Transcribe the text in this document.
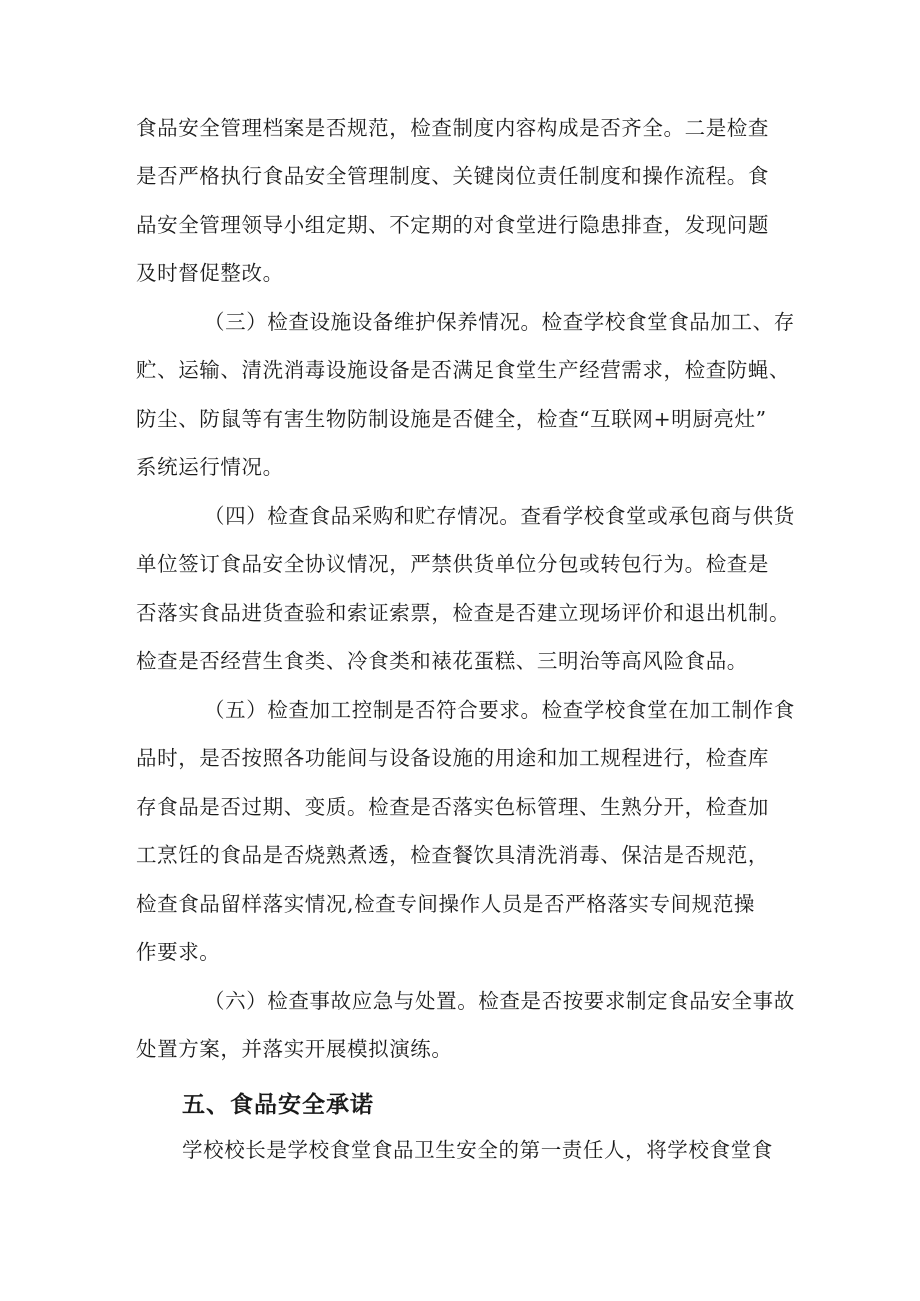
食品安全管理档案是否规范，检查制度内容构成是否齐全。二是检查
是否严格执行食品安全管理制度、关键岗位责任制度和操作流程。食
品安全管理领导小组定期、不定期的对食堂进行隐患排查，发现问题
及时督促整改。

（三）检查设施设备维护保养情况。检查学校食堂食品加工、存
贮、运输、清洗消毒设施设备是否满足食堂生产经营需求，检查防蝇、
防尘、防鼠等有害生物防制设施是否健全，检查“互联网+明厨亮灶”
系统运行情况。

（四）检查食品采购和贮存情况。查看学校食堂或承包商与供货
单位签订食品安全协议情况，严禁供货单位分包或转包行为。检查是
否落实食品进货查验和索证索票，检查是否建立现场评价和退出机制。
检查是否经营生食类、冷食类和裱花蛋糕、三明治等高风险食品。

（五）检查加工控制是否符合要求。检查学校食堂在加工制作食
品时，是否按照各功能间与设备设施的用途和加工规程进行，检查库
存食品是否过期、变质。检查是否落实色标管理、生熟分开，检查加
工烹饪的食品是否烧熟煮透，检查餐饮具清洗消毒、保洁是否规范，
检查食品留样落实情况,检查专间操作人员是否严格落实专间规范操
作要求。

（六）检查事故应急与处置。检查是否按要求制定食品安全事故
处置方案，并落实开展模拟演练。

五、食品安全承诺

学校校长是学校食堂食品卫生安全的第一责任人，将学校食堂食
